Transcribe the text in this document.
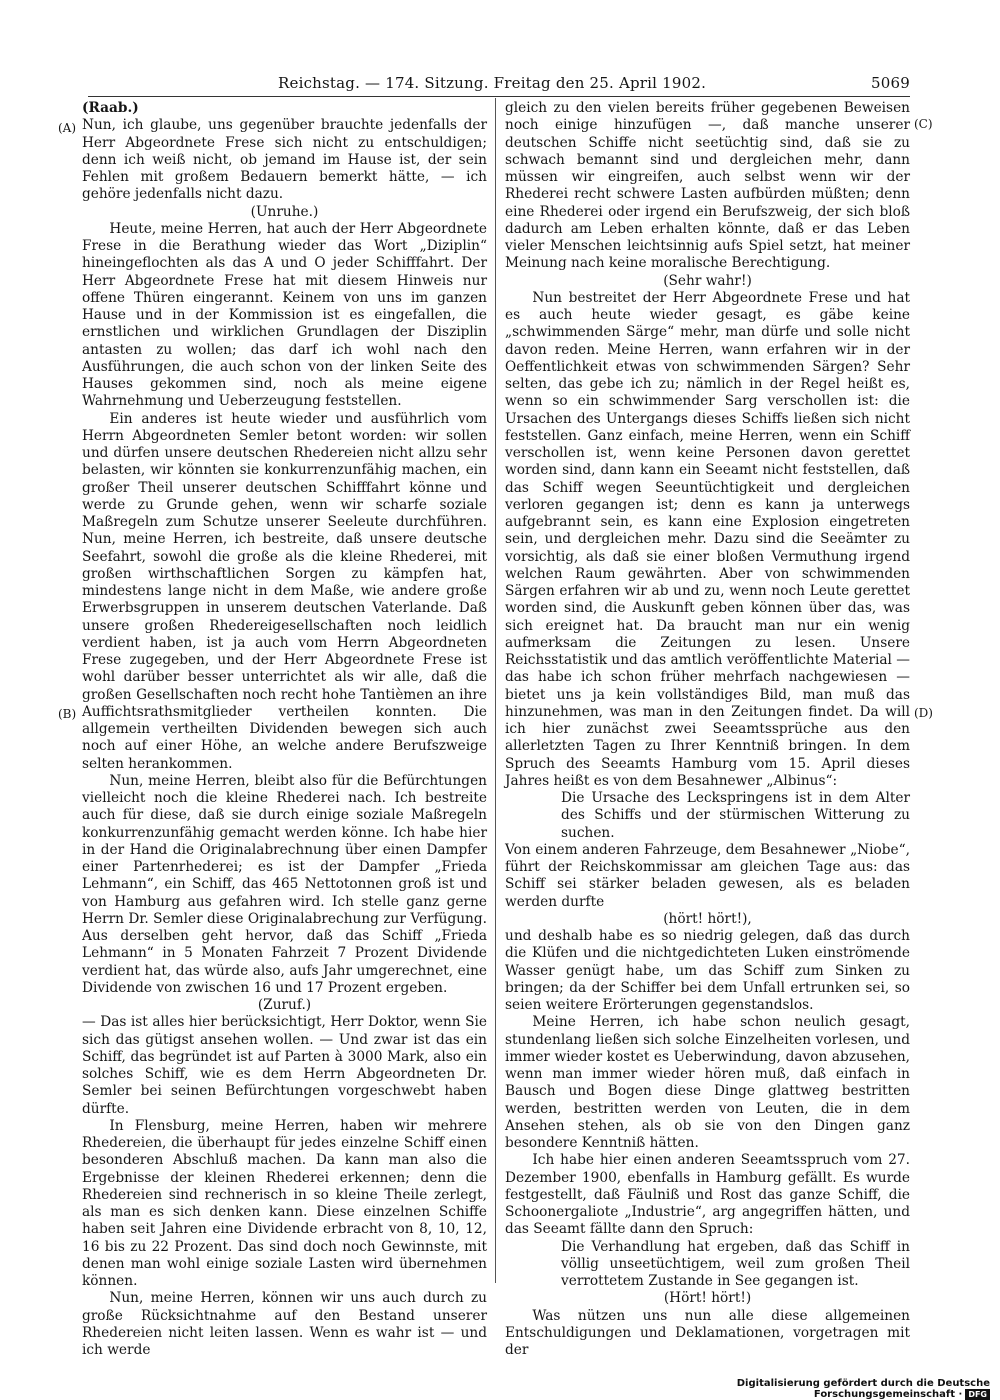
Reichstag. — 174. Sitzung. Freitag den 25. April 1902.	5069
(A)
(B)
(C)
(D)

(Raab.)

Nun, ich glaube, uns gegenüber brauchte jedenfalls der Herr Abgeordnete Frese sich nicht zu entschuldigen; denn ich weiß nicht, ob jemand im Hause ist, der sein Fehlen mit großem Bedauern bemerkt hätte, — ich gehöre jedenfalls nicht dazu.

(Unruhe.)

Heute, meine Herren, hat auch der Herr Abgeordnete Frese in die Berathung wieder das Wort „Diziplin“ hineingeflochten als das A und O jeder Schifffahrt. Der Herr Abgeordnete Frese hat mit diesem Hinweis nur offene Thüren eingerannt. Keinem von uns im ganzen Hause und in der Kommission ist es eingefallen, die ernstlichen und wirklichen Grundlagen der Disziplin antasten zu wollen; das darf ich wohl nach den Ausführungen, die auch schon von der linken Seite des Hauses gekommen sind, noch als meine eigene Wahrnehmung und Ueberzeugung feststellen.

Ein anderes ist heute wieder und ausführlich vom Herrn Abgeordneten Semler betont worden: wir sollen und dürfen unsere deutschen Rhedereien nicht allzu sehr belasten, wir könnten sie konkurrenzunfähig machen, ein großer Theil unserer deutschen Schifffahrt könne und werde zu Grunde gehen, wenn wir scharfe soziale Maßregeln zum Schutze unserer Seeleute durchführen. Nun, meine Herren, ich bestreite, daß unsere deutsche Seefahrt, sowohl die große als die kleine Rhederei, mit großen wirthschaftlichen Sorgen zu kämpfen hat, mindestens lange nicht in dem Maße, wie andere große Erwerbsgruppen in unserem deutschen Vaterlande. Daß unsere großen Rhedereigesellschaften noch leidlich verdient haben, ist ja auch vom Herrn Abgeordneten Frese zugegeben, und der Herr Abgeordnete Frese ist wohl darüber besser unterrichtet als wir alle, daß die großen Gesellschaften noch recht hohe Tantièmen an ihre Auffichtsrathsmitglieder vertheilen konnten. Die allgemein vertheilten Dividenden bewegen sich auch noch auf einer Höhe, an welche andere Berufszweige selten herankommen.

Nun, meine Herren, bleibt also für die Befürchtungen vielleicht noch die kleine Rhederei nach. Ich bestreite auch für diese, daß sie durch einige soziale Maßregeln konkurrenzunfähig gemacht werden könne. Ich habe hier in der Hand die Originalabrechnung über einen Dampfer einer Partenrhederei; es ist der Dampfer „Frieda Lehmann“, ein Schiff, das 465 Nettotonnen groß ist und von Hamburg aus gefahren wird. Ich stelle ganz gerne Herrn Dr. Semler diese Originalabrechung zur Verfügung. Aus derselben geht hervor, daß das Schiff „Frieda Lehmann“ in 5 Monaten Fahrzeit 7 Prozent Dividende verdient hat, das würde also, aufs Jahr umgerechnet, eine Dividende von zwischen 16 und 17 Prozent ergeben.

(Zuruf.)

— Das ist alles hier berücksichtigt, Herr Doktor, wenn Sie sich das gütigst ansehen wollen. — Und zwar ist das ein Schiff, das begründet ist auf Parten à 3000 Mark, also ein solches Schiff, wie es dem Herrn Abgeordneten Dr. Semler bei seinen Befürchtungen vorgeschwebt haben dürfte.

In Flensburg, meine Herren, haben wir mehrere Rhedereien, die überhaupt für jedes einzelne Schiff einen besonderen Abschluß machen. Da kann man also die Ergebnisse der kleinen Rhederei erkennen; denn die Rhedereien sind rechnerisch in so kleine Theile zerlegt, als man es sich denken kann. Diese einzelnen Schiffe haben seit Jahren eine Dividende erbracht von 8, 10, 12, 16 bis zu 22 Prozent. Das sind doch noch Gewinnste, mit denen man wohl einige soziale Lasten wird übernehmen können.

Nun, meine Herren, können wir uns auch durch zu große Rücksichtnahme auf den Bestand unserer Rhedereien nicht leiten lassen. Wenn es wahr ist — und ich werde

gleich zu den vielen bereits früher gegebenen Beweisen noch einige hinzufügen —, daß manche unserer deutschen Schiffe nicht seetüchtig sind, daß sie zu schwach bemannt sind und dergleichen mehr, dann müssen wir eingreifen, auch selbst wenn wir der Rhederei recht schwere Lasten aufbürden müßten; denn eine Rhederei oder irgend ein Berufszweig, der sich bloß dadurch am Leben erhalten könnte, daß er das Leben vieler Menschen leichtsinnig aufs Spiel setzt, hat meiner Meinung nach keine moralische Berechtigung.

(Sehr wahr!)

Nun bestreitet der Herr Abgeordnete Frese und hat es auch heute wieder gesagt, es gäbe keine „schwimmenden Särge“ mehr, man dürfe und solle nicht davon reden. Meine Herren, wann erfahren wir in der Oeffentlichkeit etwas von schwimmenden Särgen? Sehr selten, das gebe ich zu; nämlich in der Regel heißt es, wenn so ein schwimmender Sarg verschollen ist: die Ursachen des Untergangs dieses Schiffs ließen sich nicht feststellen. Ganz einfach, meine Herren, wenn ein Schiff verschollen ist, wenn keine Personen davon gerettet worden sind, dann kann ein Seeamt nicht feststellen, daß das Schiff wegen Seeuntüchtigkeit und dergleichen verloren gegangen ist; denn es kann ja unterwegs aufgebrannt sein, es kann eine Explosion eingetreten sein, und dergleichen mehr. Dazu sind die Seeämter zu vorsichtig, als daß sie einer bloßen Vermuthung irgend welchen Raum gewährten. Aber von schwimmenden Särgen erfahren wir ab und zu, wenn noch Leute gerettet worden sind, die Auskunft geben können über das, was sich ereignet hat. Da braucht man nur ein wenig aufmerksam die Zeitungen zu lesen. Unsere Reichsstatistik und das amtlich veröffentlichte Material — das habe ich schon früher mehrfach nachgewiesen — bietet uns ja kein vollständiges Bild, man muß das hinzunehmen, was man in den Zeitungen findet. Da will ich hier zunächst zwei Seeamtssprüche aus den allerletzten Tagen zu Ihrer Kenntniß bringen. In dem Spruch des Seeamts Hamburg vom 15. April dieses Jahres heißt es von dem Besahnewer „Albinus“:

Die Ursache des Leckspringens ist in dem Alter des Schiffs und der stürmischen Witterung zu suchen.

Von einem anderen Fahrzeuge, dem Besahnewer „Niobe“, führt der Reichskommissar am gleichen Tage aus: das Schiff sei stärker beladen gewesen, als es beladen werden durfte

(hört! hört!),

und deshalb habe es so niedrig gelegen, daß das durch die Klüfen und die nichtgedichteten Luken einströmende Wasser genügt habe, um das Schiff zum Sinken zu bringen; da der Schiffer bei dem Unfall ertrunken sei, so seien weitere Erörterungen gegenstandslos.

Meine Herren, ich habe schon neulich gesagt, stundenlang ließen sich solche Einzelheiten vorlesen, und immer wieder kostet es Ueberwindung, davon abzusehen, wenn man immer wieder hören muß, daß einfach in Bausch und Bogen diese Dinge glattweg bestritten werden, bestritten werden von Leuten, die in dem Ansehen stehen, als ob sie von den Dingen ganz besondere Kenntniß hätten.

Ich habe hier einen anderen Seeamtsspruch vom 27. Dezember 1900, ebenfalls in Hamburg gefällt. Es wurde festgestellt, daß Fäulniß und Rost das ganze Schiff, die Schoonergaliote „Industrie“, arg angegriffen hätten, und das Seeamt fällte dann den Spruch:

Die Verhandlung hat ergeben, daß das Schiff in völlig unseetüchtigem, weil zum großen Theil verrottetem Zustande in See gegangen ist.

(Hört! hört!)

Was nützen uns nun alle diese allgemeinen Entschuldigungen und Deklamationen, vorgetragen mit der

Digitalisierung gefördert durch die Deutsche Forschungsgemeinschaft · DFG
